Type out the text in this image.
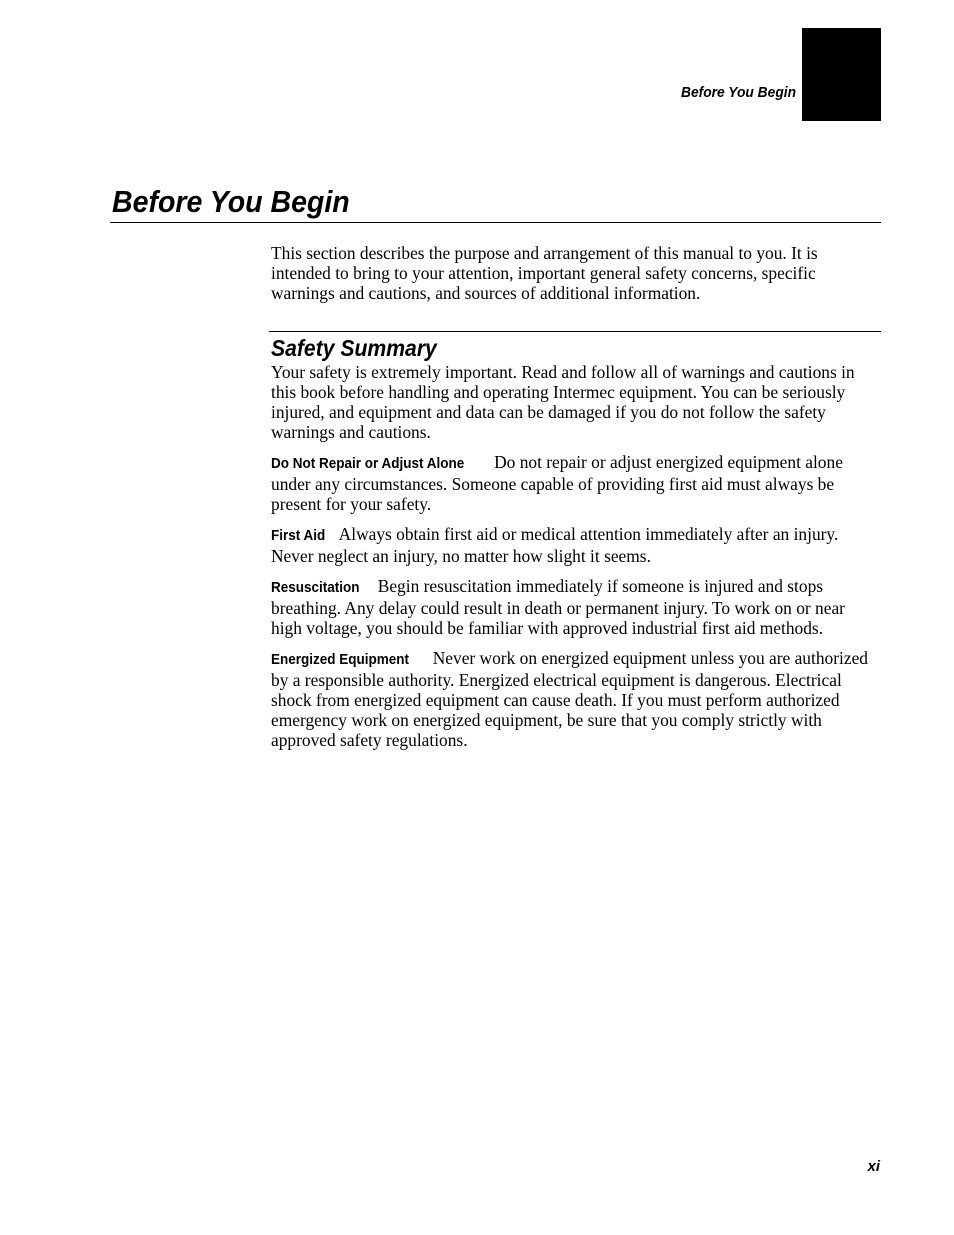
Before You Begin
Before You Begin

This section describes the purpose and arrangement of this manual to you. It is intended to bring to your attention, important general safety concerns, specific warnings and cautions, and sources of additional information.

Safety Summary

Your safety is extremely important. Read and follow all of warnings and cautions in this book before handling and operating Intermec equipment. You can be seriously injured, and equipment and data can be damaged if you do not follow the safety warnings and cautions.

Do Not Repair or Adjust Alone Do not repair or adjust energized equipment alone under any circumstances. Someone capable of providing first aid must always be present for your safety.

First Aid Always obtain first aid or medical attention immediately after an injury. Never neglect an injury, no matter how slight it seems.

Resuscitation Begin resuscitation immediately if someone is injured and stops breathing. Any delay could result in death or permanent injury. To work on or near high voltage, you should be familiar with approved industrial first aid methods.

Energized Equipment Never work on energized equipment unless you are authorized by a responsible authority. Energized electrical equipment is dangerous. Electrical shock from energized equipment can cause death. If you must perform authorized emergency work on energized equipment, be sure that you comply strictly with approved safety regulations.

xi
